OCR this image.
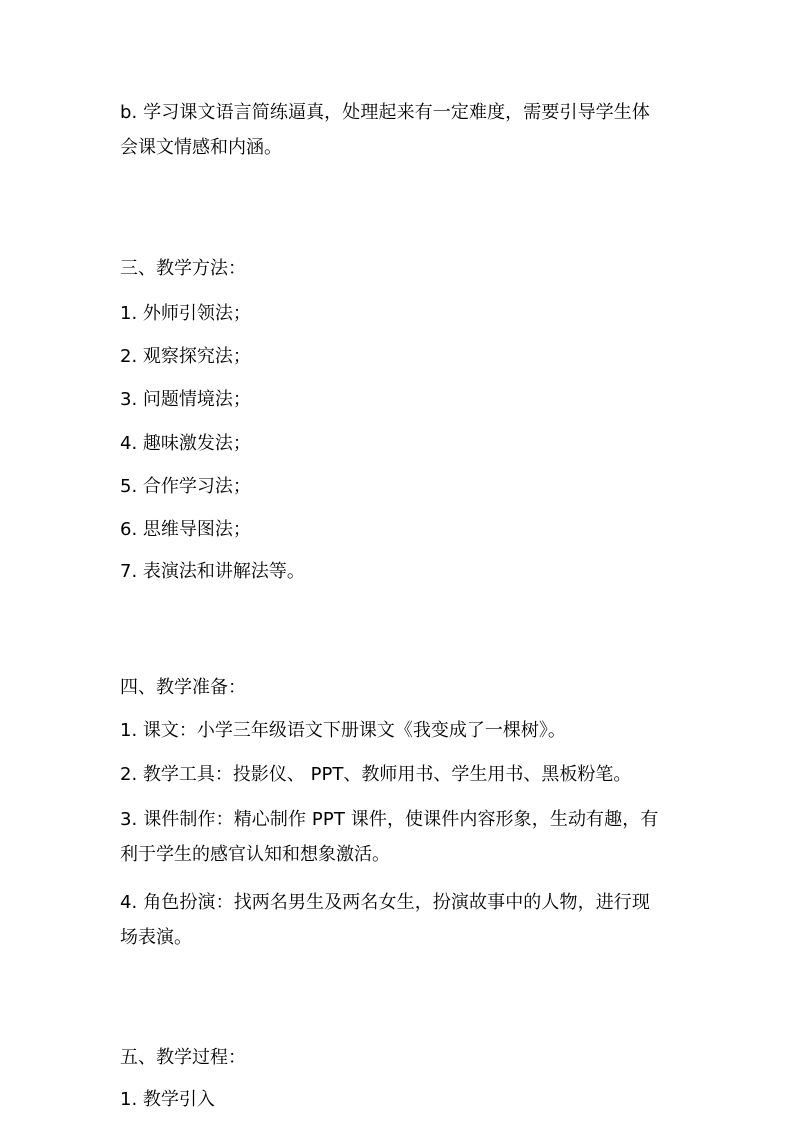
b. 学习课文语言简练逼真，处理起来有一定难度，需要引导学生体
会课文情感和内涵。
三、教学方法：
1. 外师引领法；
2. 观察探究法；
3. 问题情境法；
4. 趣味激发法；
5. 合作学习法；
6. 思维导图法；
7. 表演法和讲解法等。
四、教学准备：
1. 课文：小学三年级语文下册课文《我变成了一棵树》。
2. 教学工具：投影仪、 PPT、教师用书、学生用书、黑板粉笔。
3. 课件制作：精心制作 PPT 课件，使课件内容形象，生动有趣，有
利于学生的感官认知和想象激活。
4. 角色扮演：找两名男生及两名女生，扮演故事中的人物，进行现
场表演。
五、教学过程：
1. 教学引入
